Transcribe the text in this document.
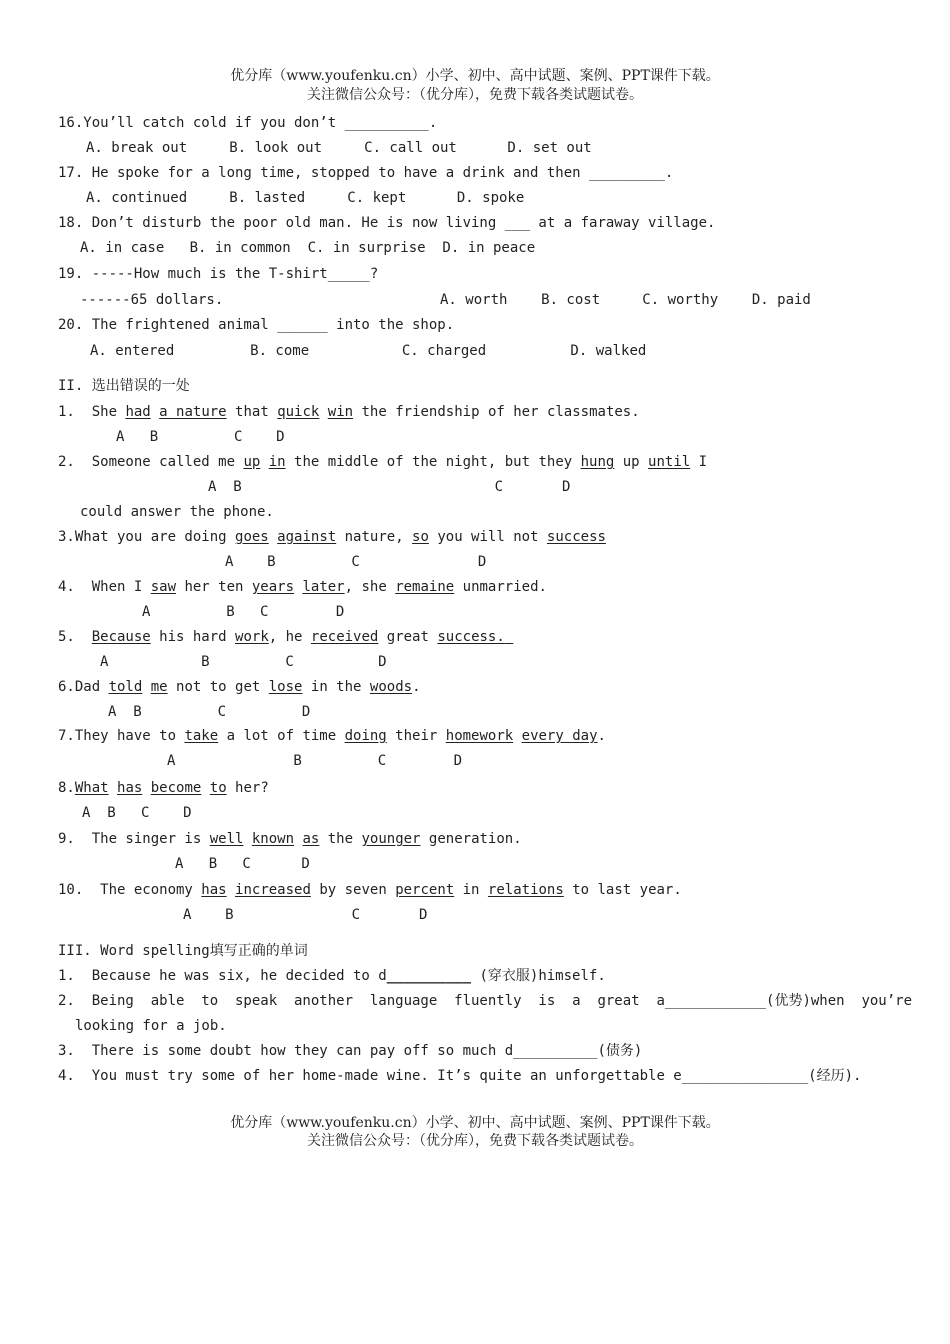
优分库（www.youfenku.cn）小学、初中、高中试题、案例、PPT课件下载。
关注微信公众号：（优分库），免费下载各类试题试卷。
16.You’ll catch cold if you don’t __________.
A. break out     B. look out     C. call out      D. set out
17. He spoke for a long time, stopped to have a drink and then _________.
A. continued     B. lasted     C. kept      D. spoke
18. Don’t disturb the poor old man. He is now living ___ at a faraway village.
A. in case   B. in common  C. in surprise  D. in peace
19. -----How much is the T-shirt_____?
------65 dollars.	A. worth    B. cost     C. worthy    D. paid
20. The frightened animal ______ into the shop.
A. entered         B. come           C. charged          D. walked
II. 选出错误的一处
1.  She had a nature that quick win the friendship of her classmates.
A   B         C    D
2.  Someone called me up in the middle of the night, but they hung up until I
A  B                              C       D
could answer the phone.
3.What you are doing goes against nature, so you will not success
A    B         C              D
4.  When I saw her ten years later, she remaine unmarried.
A         B   C        D
5.  Because his hard work, he received great success.
A           B         C          D
6.Dad told me not to get lose in the woods.
A  B         C         D
7.They have to take a lot of time doing their homework every day.
A              B         C        D
8.What has become to her?
A  B   C    D
9.  The singer is well known as the younger generation.
A   B   C      D
10.  The economy has increased by seven percent in relations to last year.
A    B              C       D
III. Word spelling填写正确的单词
1.  Because he was six, he decided to d__________ (穿衣服)himself.
2.  Being  able  to  speak  another  language  fluently  is  a  great  a____________(优势)when  you’re
looking for a job.
3.  There is some doubt how they can pay off so much d__________(债务)
4.  You must try some of her home-made wine. It’s quite an unforgettable e_______________(经历).
优分库（www.youfenku.cn）小学、初中、高中试题、案例、PPT课件下载。
关注微信公众号：（优分库），免费下载各类试题试卷。
